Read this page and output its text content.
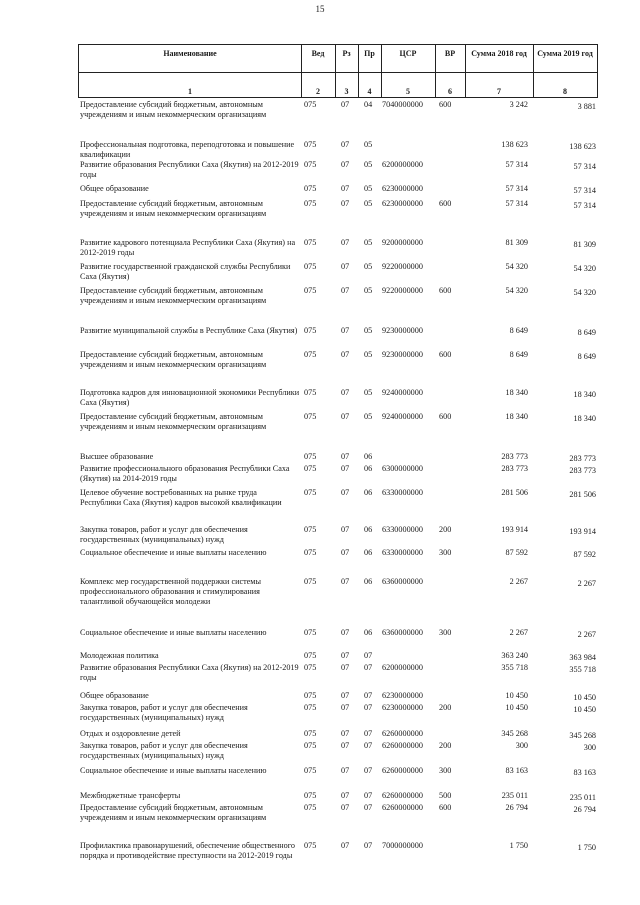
15
Наименование	Вед	Рз	Пр	ЦСР	ВР	Сумма 2018 год	Сумма 2019 год
1	2	3	4	5	6	7	8
Предоставление субсидий бюджетным, автономным учреждениям и иным некоммерческим организациям
075	07 04 7040000000 600	3 242	3 881
Профессиональная подготовка, переподготовка и повышение квалификации
075	07 05	138 623	138 623
Развитие образования Республики Саха (Якутия) на 2012-2019 годы
075	07 05 6200000000	57 314	57 314
Общее образование	075	07 05 6230000000	57 314	57 314
Предоставление субсидий бюджетным, автономным учреждениям и иным некоммерческим организациям
075	07 05 6230000000 600	57 314	57 314
Развитие кадрового потенциала Республики Саха (Якутия) на 2012-2019 годы
075	07 05 9200000000	81 309	81 309
Развитие государственной гражданской службы Республики Саха (Якутия)
075	07 05 9220000000	54 320	54 320
Предоставление субсидий бюджетным, автономным учреждениям и иным некоммерческим организациям
075	07 05 9220000000 600	54 320	54 320
Развитие муниципальной службы в Республике Саха (Якутия) 075	07 05 9230000000	8 649	8 649
Предоставление субсидий бюджетным, автономным учреждениям и иным некоммерческим организациям
075	07 05 9230000000 600	8 649	8 649
Подготовка кадров для инновационной экономики Республики Саха (Якутия)
075	07 05 9240000000	18 340	18 340
Предоставление субсидий бюджетным, автономным учреждениям и иным некоммерческим организациям
075	07 05 9240000000 600	18 340	18 340
Высшее образование	075	07 06	283 773	283 773
Развитие профессионального образования Республики Саха (Якутия) на 2014-2019 годы
075	07 06 6300000000	283 773	283 773
Целевое обучение востребованных на рынке труда Республики Саха (Якутия) кадров высокой квалификации
075	07 06 6330000000	281 506	281 506
Закупка товаров, работ и услуг для обеспечения государственных (муниципальных) нужд
075	07 06 6330000000 200	193 914	193 914
Социальное обеспечение и иные выплаты населению	075	07 06 6330000000 300	87 592	87 592
Комплекс мер государственной поддержки системы профессионального образования и стимулирования талантливой обучающейся молодежи
075	07 06 6360000000	2 267	2 267
Социальное обеспечение и иные выплаты населению	075	07 06 6360000000 300	2 267	2 267
Молодежная политика	075	07 07	363 240	363 984
Развитие образования Республики Саха (Якутия) на 2012-2019 годы
075	07 07 6200000000	355 718	355 718
Общее образование	075	07 07 6230000000	10 450	10 450
Закупка товаров, работ и услуг для обеспечения государственных (муниципальных) нужд
075	07 07 6230000000 200	10 450	10 450
Отдых и оздоровление детей	075	07 07 6260000000	345 268	345 268
Закупка товаров, работ и услуг для обеспечения государственных (муниципальных) нужд
075	07 07 6260000000 200	300	300
Социальное обеспечение и иные выплаты населению	075	07 07 6260000000 300	83 163	83 163
Межбюджетные трансферты	075	07 07 6260000000 500	235 011	235 011
Предоставление субсидий бюджетным, автономным учреждениям и иным некоммерческим организациям
075	07 07 6260000000 600	26 794	26 794
Профилактика правонарушений, обеспечение общественного порядка и противодействие преступности на 2012-2019 годы
075	07 07 7000000000	1 750	1 750
